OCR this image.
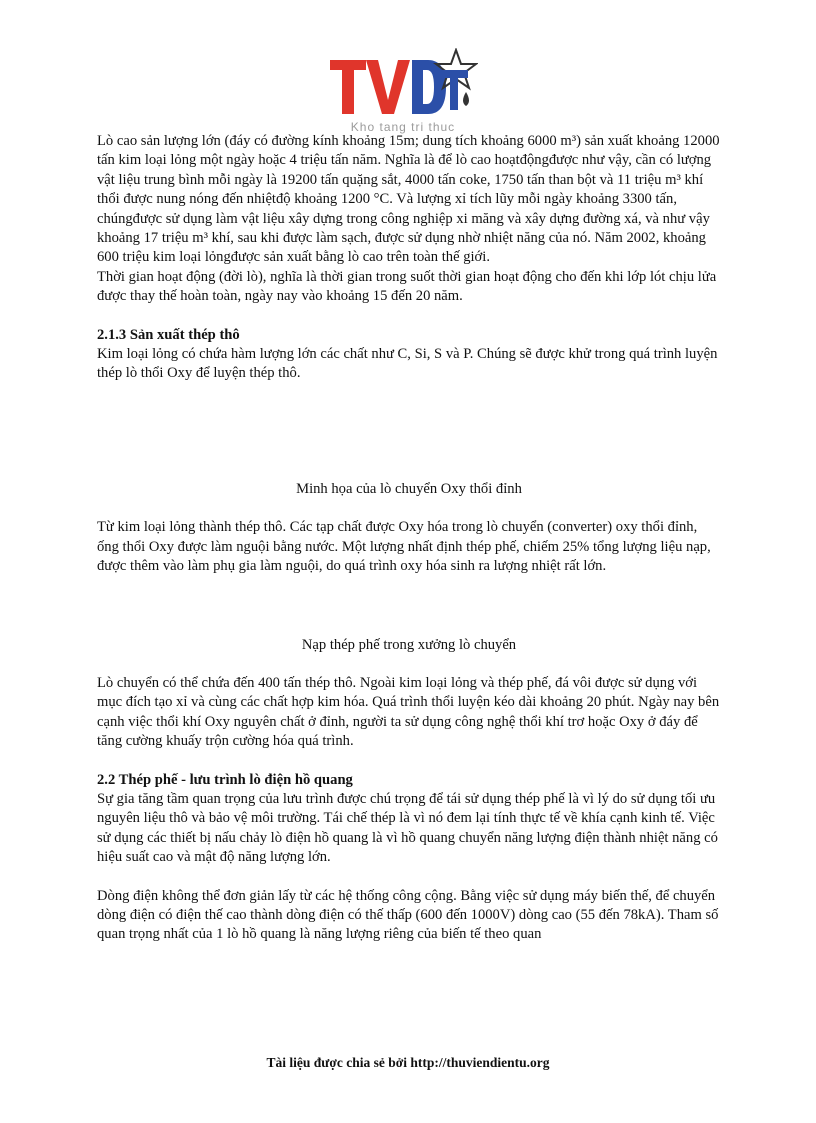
Kho tang tri thuc

Lò cao sản lượng lớn (đáy có đường kính khoảng 15m; dung tích khoảng 6000 m³) sản xuất khoảng 12000 tấn kim loại lỏng một ngày hoặc 4 triệu tấn năm. Nghĩa là để lò cao hoạtđộngđược như vậy, cần có lượng vật liệu trung bình mỗi ngày là 19200 tấn quặng sắt, 4000 tấn coke, 1750 tấn than bột và 11 triệu m³ khí thổi được nung nóng đến nhiệtđộ khoảng 1200 °C. Và lượng xỉ tích lũy mỗi ngày khoảng 3300 tấn, chúngđược sử dụng làm vật liệu xây dựng trong công nghiệp xi măng và xây dựng đường xá, và như vậy khoảng 17 triệu m³ khí, sau khi được làm sạch, được sử dụng nhờ nhiệt năng của nó. Năm 2002, khoảng 600 triệu kim loại lỏngđược sản xuất bằng lò cao trên toàn thế giới.

Thời gian hoạt động (đời lò), nghĩa là thời gian trong suốt thời gian hoạt động cho đến khi lớp lót chịu lửa được thay thế hoàn toàn, ngày nay vào khoảng 15 đến 20 năm.

2.1.3 Sản xuất thép thô

Kim loại lỏng có chứa hàm lượng lớn các chất như C, Si, S và P. Chúng sẽ được khử trong quá trình luyện thép lò thổi Oxy để luyện thép thô.

Minh họa của lò chuyển Oxy thổi đỉnh

Từ kim loại lỏng thành thép thô. Các tạp chất được Oxy hóa trong lò chuyển (converter) oxy thổi đỉnh, ống thổi Oxy được làm nguội bằng nước. Một lượng nhất định thép phế, chiếm 25% tổng lượng liệu nạp, được thêm vào làm phụ gia làm nguội, do quá trình oxy hóa sinh ra lượng nhiệt rất lớn.

Nạp thép phế trong xưởng lò chuyển

Lò chuyển có thể chứa đến 400 tấn thép thô. Ngoài kim loại lỏng và thép phế, đá vôi được sử dụng với mục đích tạo xỉ và cùng các chất hợp kim hóa. Quá trình thổi luyện kéo dài khoảng 20 phút. Ngày nay bên cạnh việc thổi khí Oxy nguyên chất ở đỉnh, người ta sử dụng công nghệ thổi khí trơ hoặc Oxy ở đáy để tăng cường khuấy trộn cường hóa quá trình.

2.2 Thép phế - lưu trình lò điện hồ quang

Sự gia tăng tầm quan trọng của lưu trình được chú trọng để tái sử dụng thép phế là vì lý do sử dụng tối ưu nguyên liệu thô và bảo vệ môi trường. Tái chế thép là vì nó đem lại tính thực tế về khía cạnh kinh tế. Việc sử dụng các thiết bị nấu chảy lò điện hồ quang là vì hồ quang chuyển năng lượng điện thành nhiệt năng có hiệu suất cao và mật độ năng lượng lớn.

Dòng điện không thể đơn giản lấy từ các hệ thống công cộng. Bằng việc sử dụng máy biến thế, để chuyển dòng điện có điện thế cao thành dòng điện có thế thấp (600 đến 1000V) dòng cao (55 đến 78kA). Tham số quan trọng nhất của 1 lò hồ quang là năng lượng riêng của biến tế theo quan

Tài liệu được chia sẻ bởi http://thuviendientu.org
